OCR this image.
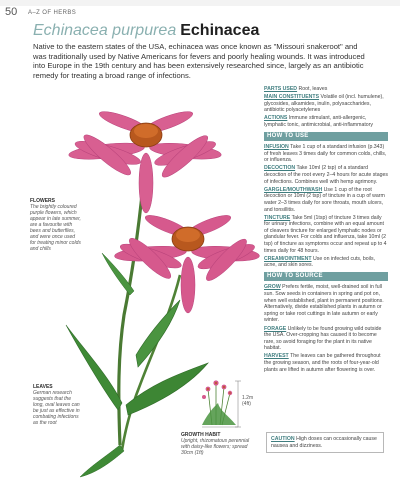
50 A–Z OF HERBS
Echinacea purpurea Echinacea
Native to the eastern states of the USA, echinacea was once known as "Missouri snakeroot" and was traditionally used by Native Americans for fevers and poorly healing wounds. It was introduced into Europe in the 19th century and has been extensively researched since, largely as an antibiotic remedy for treating a broad range of infections.
FLOWERS
The brightly coloured purple flowers, which appear in late summer, are a favourite with bees and butterflies, and were once used for treating minor colds and chills
LEAVES
German research suggests that the long, oval leaves can be just as effective in combating infections as the root
1.2m
(4ft)
GROWTH HABIT
Upright, rhizomatous perennial with daisy-like flowers; spread 30cm (1ft)

PARTS USED Root, leaves

MAIN CONSTITUENTS Volatile oil (incl. humulene), glycosides, alkamides, inulin, polysaccharides, antibiotic polyacetylenes

ACTIONS Immune stimulant, anti-allergenic, lymphatic tonic, antimicrobial, anti-inflammatory

HOW TO USE

INFUSION Take 1 cup of a standard infusion (p.343) of fresh leaves 3 times daily for common colds, chills, or influenza.

DECOCTION Take 10ml (2 tsp) of a standard decoction of the root every 2–4 hours for acute stages of infections. Combines well with hemp agrimony.

GARGLE/MOUTHWASH Use 1 cup of the root decoction or 10ml (2 tsp) of tincture in a cup of warm water 2–3 times daily for sore throats, mouth ulcers, and tonsillitis.

TINCTURE Take 5ml (1tsp) of tincture 3 times daily for urinary infections, combine with an equal amount of cleavers tincture for enlarged lymphatic nodes or glandular fever. For colds and influenza, take 10ml (2 tsp) of tincture as symptoms occur and repeat up to 4 times daily for 48 hours.

CREAM/OINTMENT Use on infected cuts, boils, acne, and skin sores.

HOW TO SOURCE

GROW Prefers fertile, moist, well-drained soil in full sun. Sow seeds in containers in spring and pot on, when well established, plant in permanent positions. Alternatively, divide established plants in autumn or spring or take root cuttings in late autumn or early winter.

FORAGE Unlikely to be found growing wild outside the USA. Over-cropping has caused it to become rare, so avoid foraging for the plant in its native habitat.

HARVEST The leaves can be gathered throughout the growing season, and the roots of four-year-old plants are lifted in autumn after flowering is over.

CAUTION High doses can occasionally cause nausea and dizziness.
